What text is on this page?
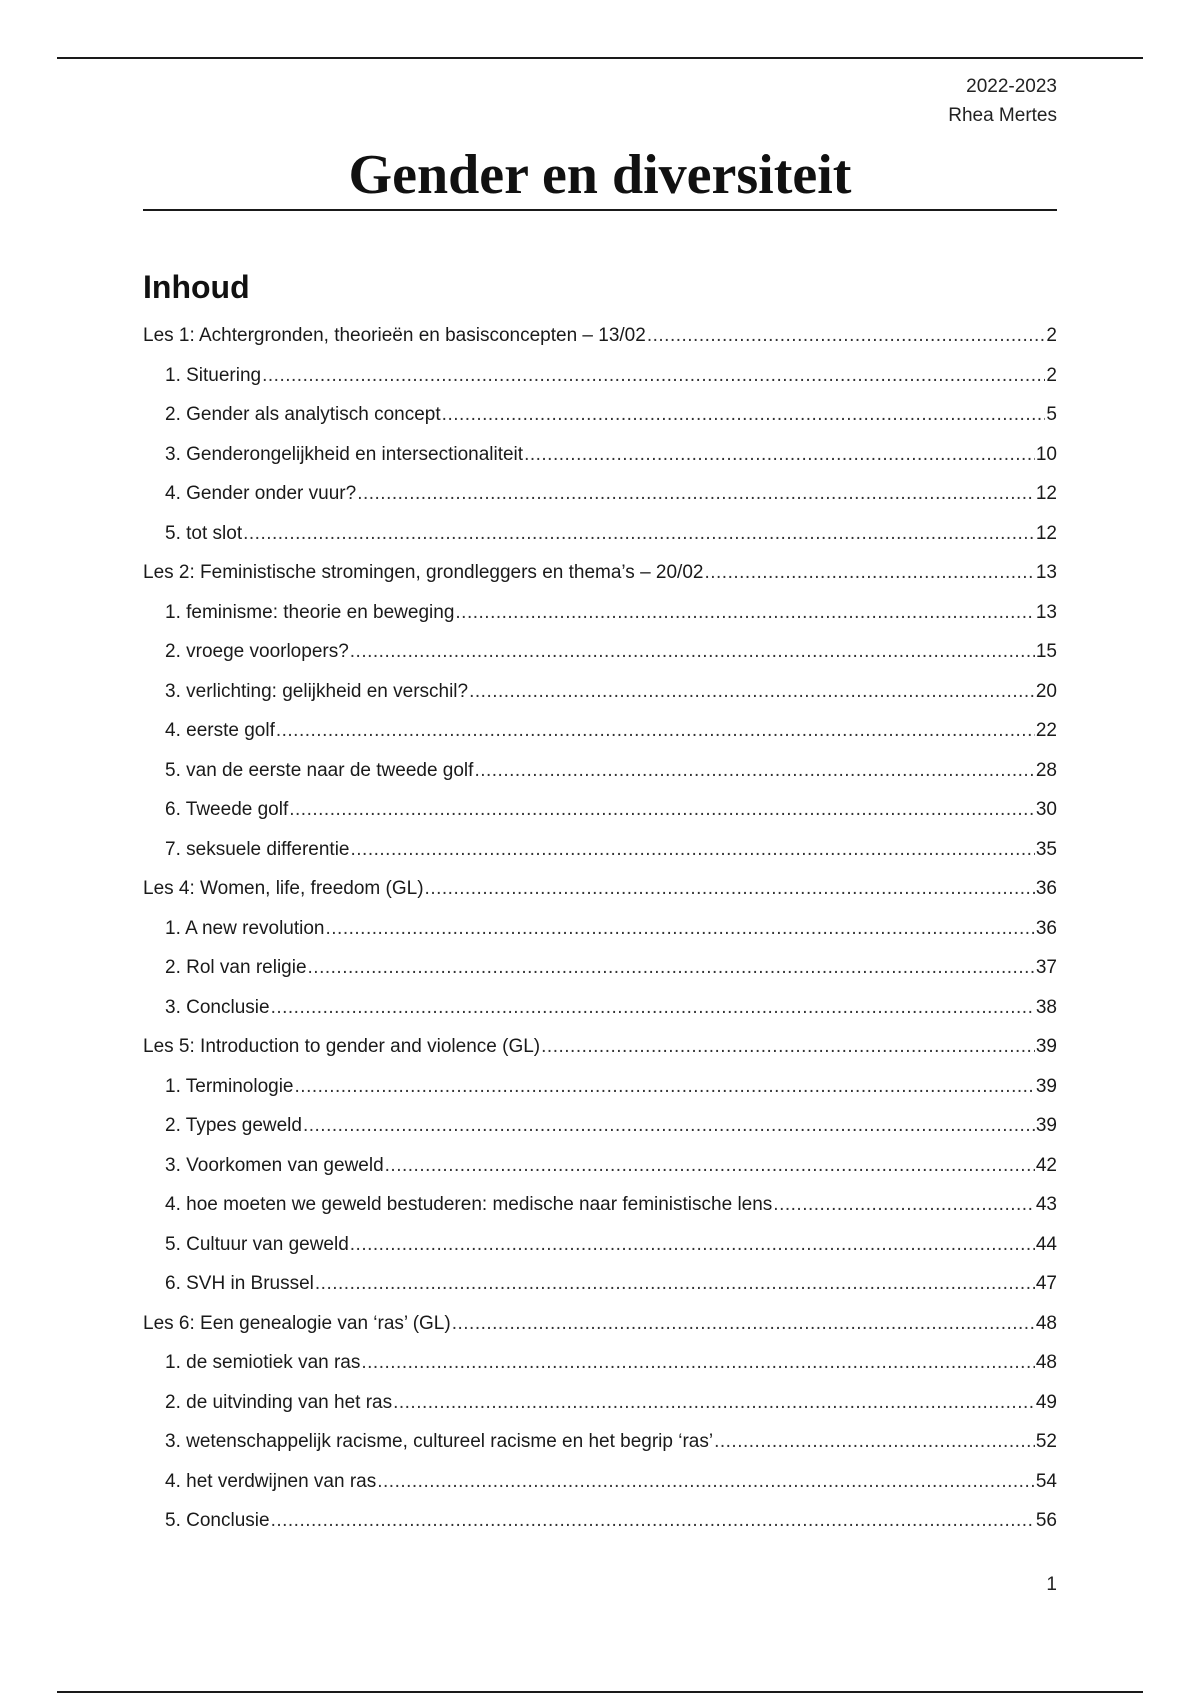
2022-2023
Rhea Mertes
Gender en diversiteit
Inhoud
Les 1: Achtergronden, theorieën en basisconcepten – 13/02 .....	2
1. Situering .....	2
2. Gender als analytisch concept .....	5
3. Genderongelijkheid en intersectionaliteit .....	10
4. Gender onder vuur? .....	12
5. tot slot .....	12
Les 2: Feministische stromingen, grondleggers en thema’s – 20/02 .....	13
1. feminisme: theorie en beweging .....	13
2. vroege voorlopers? .....	15
3. verlichting: gelijkheid en verschil? .....	20
4. eerste golf .....	22
5. van de eerste naar de tweede golf .....	28
6. Tweede golf .....	30
7. seksuele differentie .....	35
Les 4: Women, life, freedom (GL) .....	36
1. A new revolution .....	36
2. Rol van religie .....	37
3. Conclusie .....	38
Les 5: Introduction to gender and violence (GL) .....	39
1. Terminologie .....	39
2. Types geweld .....	39
3. Voorkomen van geweld .....	42
4. hoe moeten we geweld bestuderen: medische naar feministische lens .....	43
5. Cultuur van geweld .....	44
6. SVH in Brussel .....	47
Les 6: Een genealogie van ‘ras’ (GL) .....	48
1. de semiotiek van ras .....	48
2. de uitvinding van het ras .....	49
3. wetenschappelijk racisme, cultureel racisme en het begrip ‘ras’ .....	52
4. het verdwijnen van ras .....	54
5. Conclusie .....	56
1
